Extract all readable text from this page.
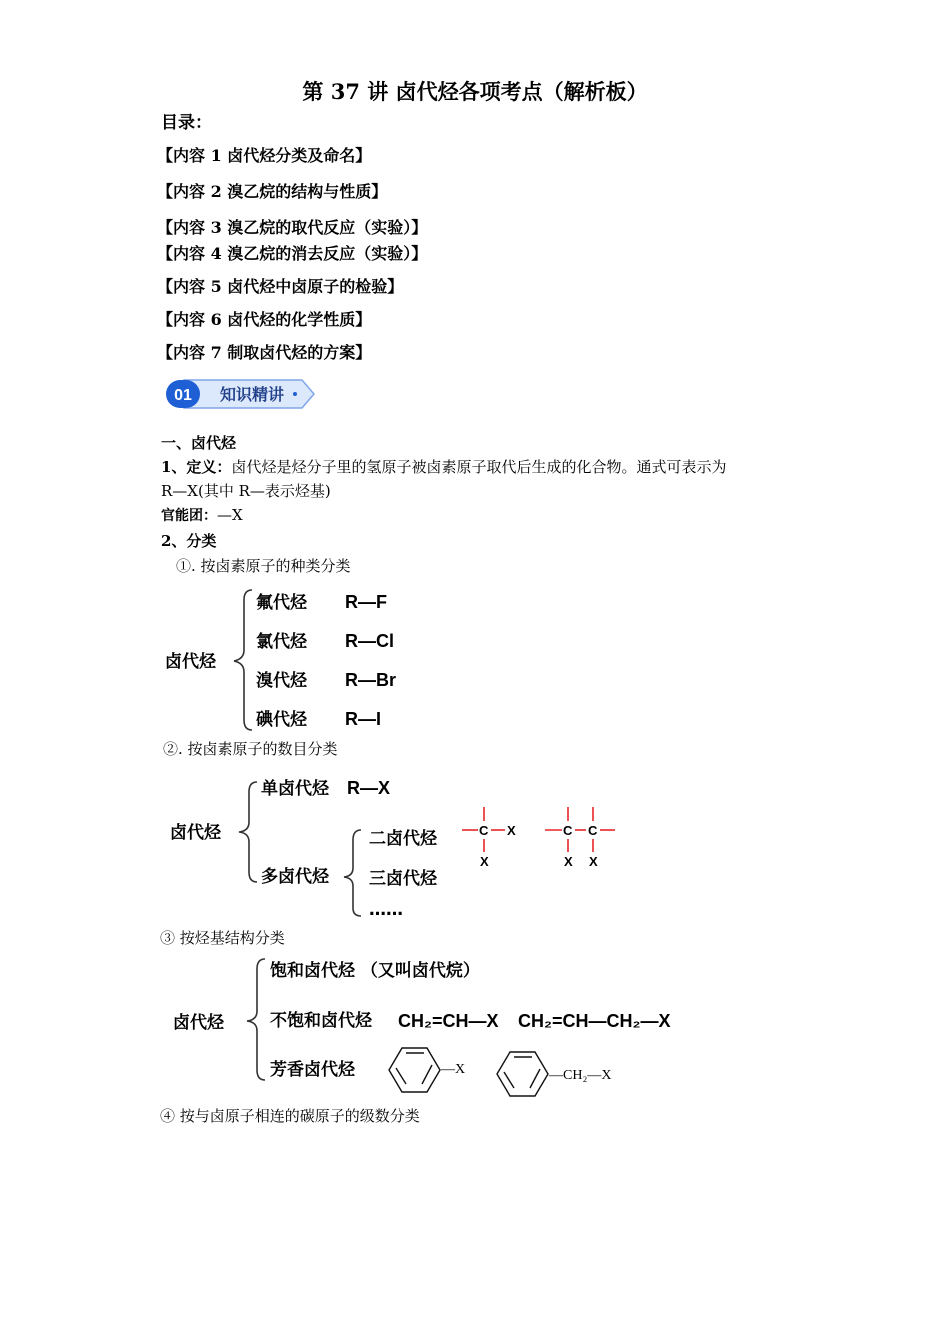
第 37 讲 卤代烃各项考点（解析板）
目录：
【内容 1 卤代烃分类及命名】
【内容 2 溴乙烷的结构与性质】
【内容 3 溴乙烷的取代反应（实验）】
【内容 4 溴乙烷的消去反应（实验）】
【内容 5 卤代烃中卤原子的检验】
【内容 6 卤代烃的化学性质】
【内容 7 制取卤代烃的方案】
01 知识精讲
一、卤代烃
1、定义：卤代烃是烃分子里的氢原子被卤素原子取代后生成的化合物。通式可表示为
R—X(其中 R—表示烃基)
官能团：—X
2、分类
①. 按卤素原子的种类分类
卤代烃
氟代烃 R—F
氯代烃 R—Cl
溴代烃 R—Br
碘代烃 R—I
②. 按卤素原子的数目分类
卤代烃
单卤代烃 R—X
多卤代烃
二卤代烃
三卤代烃
……
C X
X
C C
X X
③ 按烃基结构分类
卤代烃
饱和卤代烃 （又叫卤代烷）
不饱和卤代烃 CH₂=CH—X CH₂=CH—CH₂—X
芳香卤代烃	—X	—CH₂—X
④ 按与卤原子相连的碳原子的级数分类
